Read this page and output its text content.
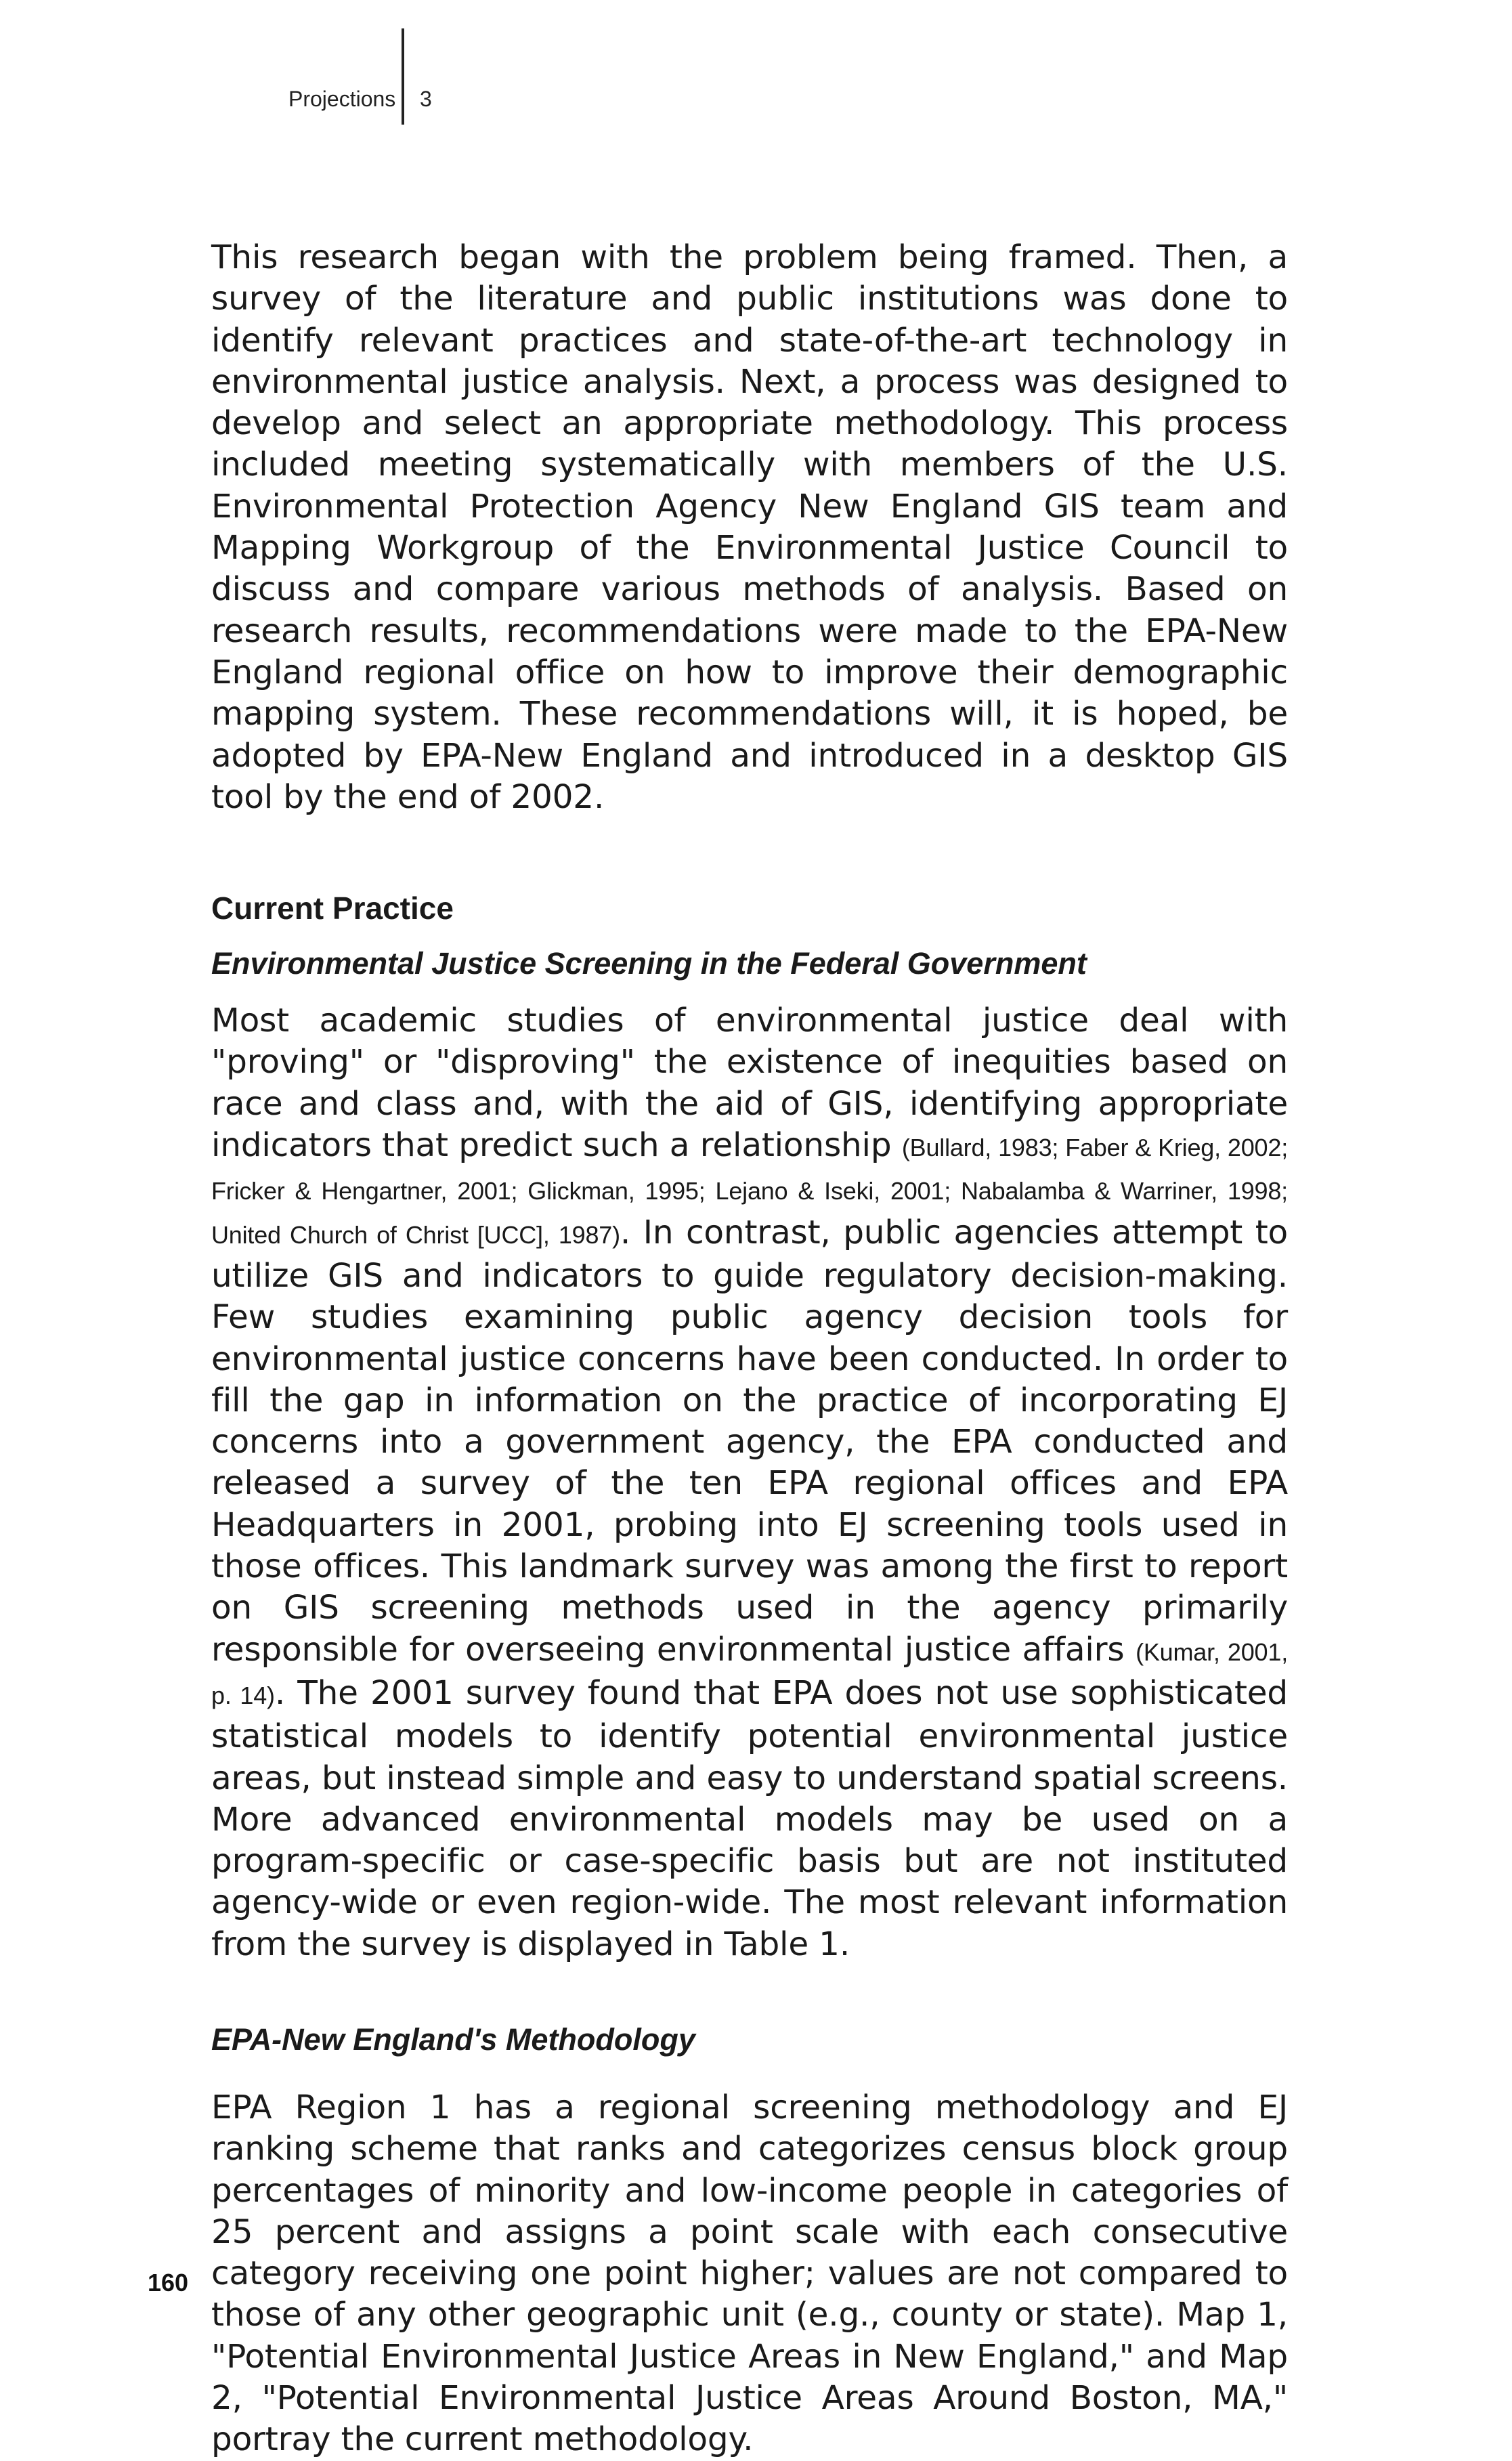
Projections 3

This research began with the problem being framed. Then, a survey of the literature and public institutions was done to identify relevant practices and state-of-the-art technology in environmental justice analysis. Next, a process was designed to develop and select an appropriate methodology. This process included meeting systematically with members of the U.S. Environmental Protection Agency New England GIS team and Mapping Workgroup of the Environmental Justice Council to discuss and compare various methods of analysis. Based on research results, recommendations were made to the EPA-New England regional office on how to improve their demographic mapping system. These recommendations will, it is hoped, be adopted by EPA-New England and introduced in a desktop GIS tool by the end of 2002.

Current Practice
Environmental Justice Screening in the Federal Government

Most academic studies of environmental justice deal with "proving" or "disproving" the existence of inequities based on race and class and, with the aid of GIS, identifying appropriate indicators that predict such a relationship (Bullard, 1983; Faber & Krieg, 2002; Fricker & Hengartner, 2001; Glickman, 1995; Lejano & Iseki, 2001; Nabalamba & Warriner, 1998; United Church of Christ [UCC], 1987). In contrast, public agencies attempt to utilize GIS and indicators to guide regulatory decision-making. Few studies examining public agency decision tools for environmental justice concerns have been conducted. In order to fill the gap in information on the practice of incorporating EJ concerns into a government agency, the EPA conducted and released a survey of the ten EPA regional offices and EPA Headquarters in 2001, probing into EJ screening tools used in those offices. This landmark survey was among the first to report on GIS screening methods used in the agency primarily responsible for overseeing environmental justice affairs (Kumar, 2001, p. 14). The 2001 survey found that EPA does not use sophisticated statistical models to identify potential environmental justice areas, but instead simple and easy to understand spatial screens. More advanced environmental models may be used on a program-specific or case-specific basis but are not instituted agency-wide or even region-wide. The most relevant information from the survey is displayed in Table 1.

EPA-New England's Methodology

EPA Region 1 has a regional screening methodology and EJ ranking scheme that ranks and categorizes census block group percentages of minority and low-income people in categories of 25 percent and assigns a point scale with each consecutive category receiving one point higher; values are not compared to those of any other geographic unit (e.g., county or state). Map 1, "Potential Environmental Justice Areas in New England," and Map 2, "Potential Environmental Justice Areas Around Boston, MA," portray the current methodology.

160
